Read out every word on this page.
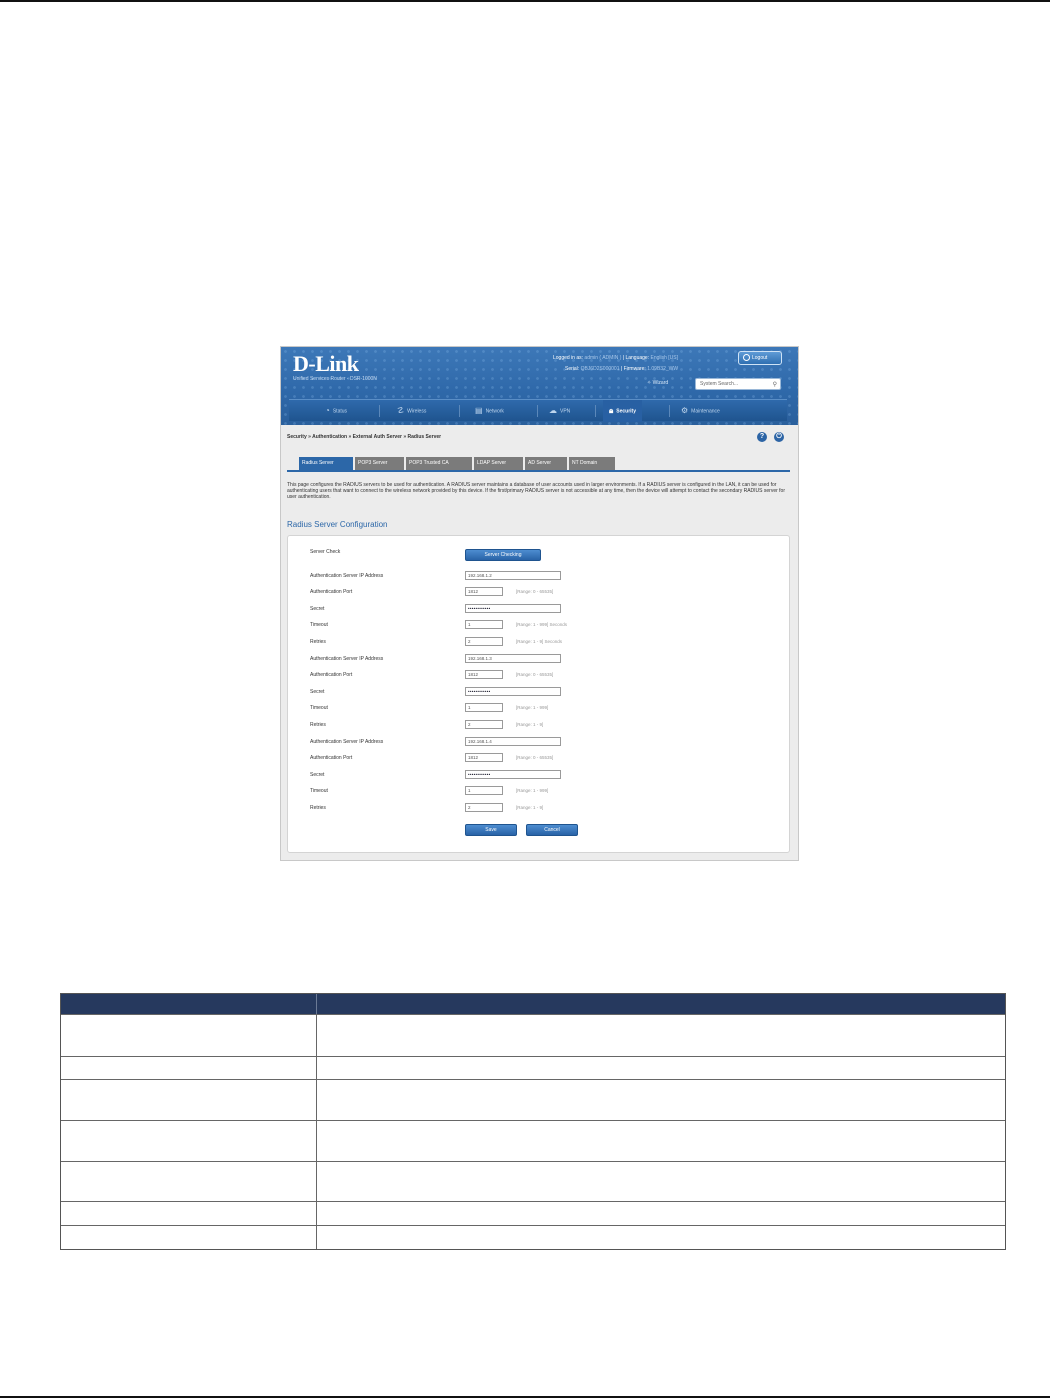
D-Link
Unified Services Router - DSR-1000N
Logged in as: admin ( ADMIN ) | Language: English [US]
Serial: QBJ6D2S000001 | Firmware: 1.09B32_WW
Logout
✧ Wizard	System Search...	⚲
◔ Status	☡ Wireless	▤ Network	☁ VPN	🔒︎ Security	⚙ Maintenance
Security » Authentication » External Auth Server » Radius Server	?	⏻
Radius Server	POP3 Server	POP3 Trusted CA	LDAP Server	AD Server	NT Domain
This page configures the RADIUS servers to be used for authentication. A RADIUS server maintains a database of user accounts used in larger environments. If a RADIUS server is configured in the LAN, it can be used for authenticating users that want to connect to the wireless network provided by this device. If the first/primary RADIUS server is not accessible at any time, then the device will attempt to contact the secondary RADIUS server for user authentication.
Radius Server Configuration
Server Check	Server Checking
Authentication Server IP Address	192.168.1.2
Authentication Port	1812	[Range: 0 - 65535]
Secret	••••••••••••
Timeout	1	[Range: 1 - 999] Seconds
Retries	2	[Range: 1 - 9] Seconds
Authentication Server IP Address	192.168.1.3
Authentication Port	1812	[Range: 0 - 65535]
Secret	••••••••••••
Timeout	1	[Range: 1 - 999]
Retries	2	[Range: 1 - 9]
Authentication Server IP Address	192.168.1.4
Authentication Port	1812	[Range: 0 - 65535]
Secret	••••••••••••
Timeout	1	[Range: 1 - 999]
Retries	2	[Range: 1 - 9]
Save	Cancel
